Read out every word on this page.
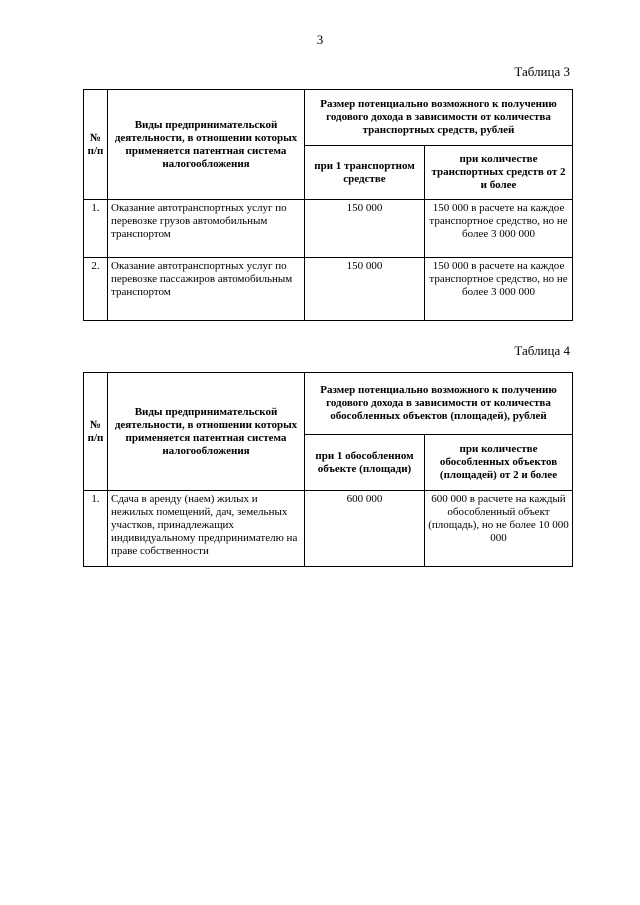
3
Таблица 3
№ п/п	Виды предпринимательской деятельности, в отношении которых применяется патентная система налогообложения	Размер потенциально возможного к получению годового дохода в зависимости от количества транспортных средств, рублей	
		при 1 транспортном средстве	при количестве транспортных средств от 2 и более
1.	Оказание автотранспортных услуг по перевозке грузов автомобильным транспортом	150 000	150 000 в расчете на каждое транспортное средство, но не более 3 000 000
2.	Оказание автотранспортных услуг по перевозке пассажиров автомобильным транспортом	150 000	150 000 в расчете на каждое транспортное средство, но не более 3 000 000
Таблица 4
№ п/п	Виды предпринимательской деятельности, в отношении которых применяется патентная система налогообложения	Размер потенциально возможного к получению годового дохода в зависимости от количества обособленных объектов (площадей), рублей	
		при 1 обособленном объекте (площади)	при количестве обособленных объектов (площадей) от 2 и более
1.	Сдача в аренду (наем) жилых и нежилых помещений, дач, земельных участков, принадлежащих индивидуальному предпринимателю на праве собственности	600 000	600 000 в расчете на каждый обособленный объект (площадь), но не более 10 000 000
